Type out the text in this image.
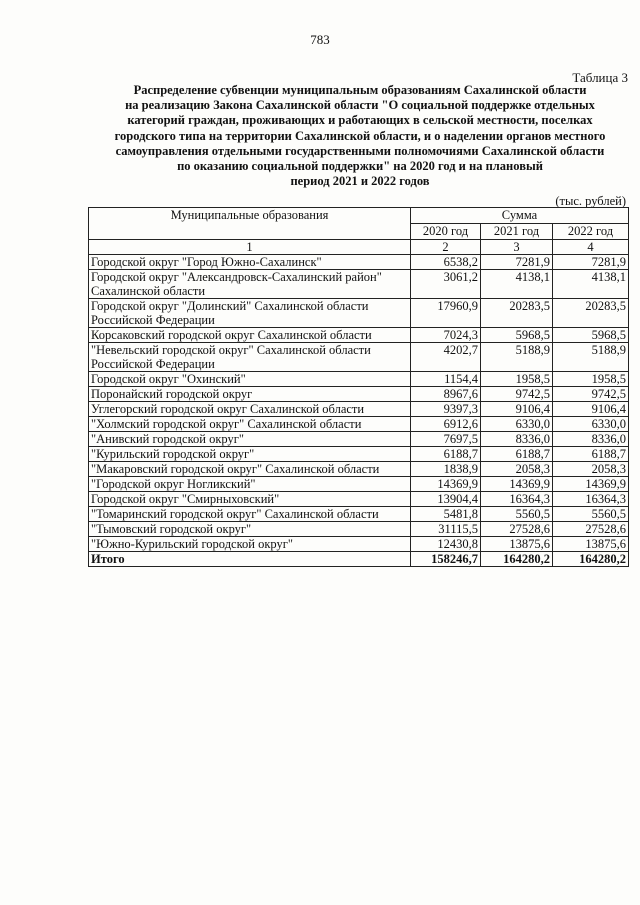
783
Таблица 3
Распределение субвенции муниципальным образованиям Сахалинской области
на реализацию Закона Сахалинской области "О социальной поддержке отдельных
категорий граждан, проживающих и работающих в сельской местности, поселках
городского типа на территории Сахалинской области, и о наделении органов местного
самоуправления отдельными государственными полномочиями Сахалинской области
по оказанию социальной поддержки" на 2020 год и на плановый
период 2021 и 2022 годов
(тыс. рублей)
Муниципальные образования	Сумма		
	2020 год	2021 год	2022 год
1	2	3	4
Городской округ "Город Южно-Сахалинск"	6538,2	7281,9	7281,9
Городской округ "Александровск-Сахалинский район" Сахалинской области	3061,2	4138,1	4138,1
Городской округ "Долинский" Сахалинской области Российской Федерации	17960,9	20283,5	20283,5
Корсаковский городской округ Сахалинской области	7024,3	5968,5	5968,5
"Невельский городской округ" Сахалинской области Российской Федерации	4202,7	5188,9	5188,9
Городской округ "Охинский"	1154,4	1958,5	1958,5
Поронайский городской округ	8967,6	9742,5	9742,5
Углегорский городской округ Сахалинской области	9397,3	9106,4	9106,4
"Холмский городской округ" Сахалинской области	6912,6	6330,0	6330,0
"Анивский городской округ"	7697,5	8336,0	8336,0
"Курильский городской округ"	6188,7	6188,7	6188,7
"Макаровский городской округ" Сахалинской области	1838,9	2058,3	2058,3
"Городской округ Ногликский"	14369,9	14369,9	14369,9
Городской округ "Смирныховский"	13904,4	16364,3	16364,3
"Томаринский городской округ" Сахалинской области	5481,8	5560,5	5560,5
"Тымовский городской округ"	31115,5	27528,6	27528,6
"Южно-Курильский городской округ"	12430,8	13875,6	13875,6
Итого	158246,7	164280,2	164280,2
